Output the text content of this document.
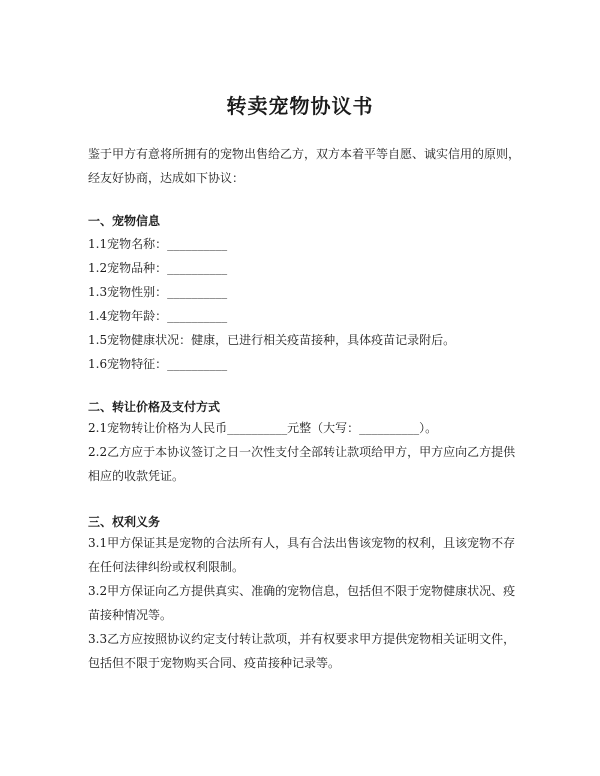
转卖宠物协议书
鉴于甲方有意将所拥有的宠物出售给乙方，双方本着平等自愿、诚实信用的原则，
经友好协商，达成如下协议：
一、宠物信息
1.1宠物名称：__________
1.2宠物品种：__________
1.3宠物性别：__________
1.4宠物年龄：__________
1.5宠物健康状况：健康，已进行相关疫苗接种，具体疫苗记录附后。
1.6宠物特征：__________
二、转让价格及支付方式
2.1宠物转让价格为人民币__________元整（大写：__________）。
2.2乙方应于本协议签订之日一次性支付全部转让款项给甲方，甲方应向乙方提供
相应的收款凭证。
三、权利义务
3.1甲方保证其是宠物的合法所有人，具有合法出售该宠物的权利，且该宠物不存
在任何法律纠纷或权利限制。
3.2甲方保证向乙方提供真实、准确的宠物信息，包括但不限于宠物健康状况、疫
苗接种情况等。
3.3乙方应按照协议约定支付转让款项，并有权要求甲方提供宠物相关证明文件，
包括但不限于宠物购买合同、疫苗接种记录等。
